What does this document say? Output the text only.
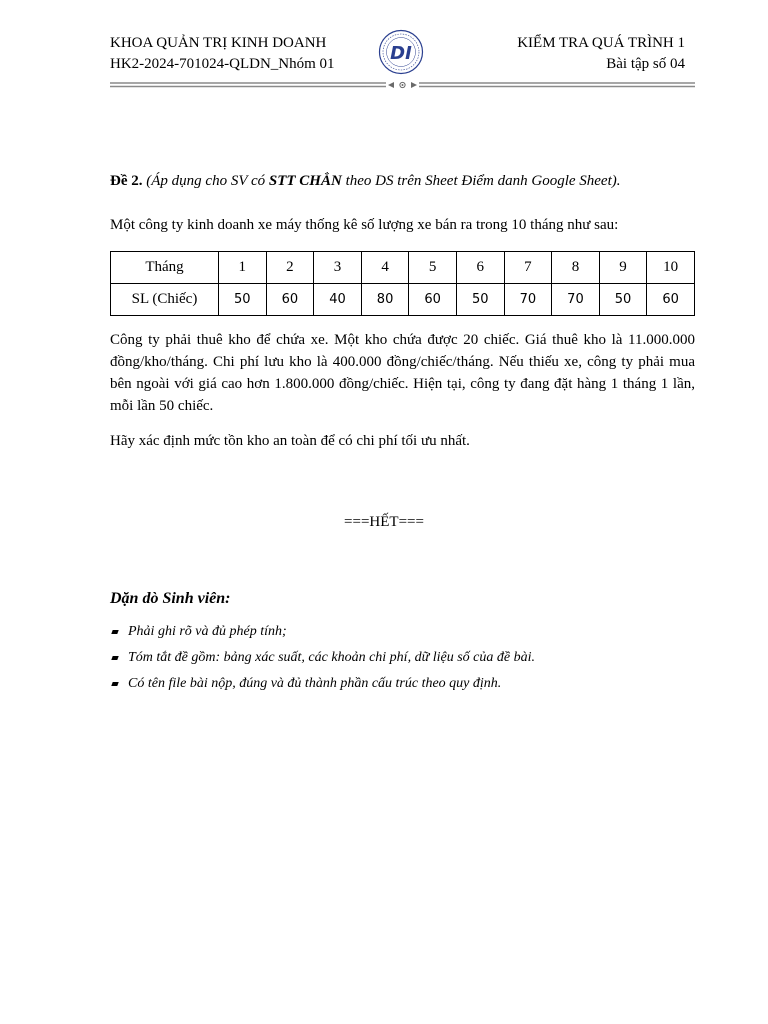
KHOA QUẢN TRỊ KINH DOANH
HK2-2024-701024-QLDN_Nhóm 01	DI	KIỂM TRA QUÁ TRÌNH 1
Bài tập số 04
Đề 2. (Áp dụng cho SV có STT CHẲN theo DS trên Sheet Điểm danh Google Sheet).
Một công ty kinh doanh xe máy thống kê số lượng xe bán ra trong 10 tháng như sau:
Tháng	1	2	3	4	5	6	7	8	9	10
SL (Chiếc)	50	60	40	80	60	50	70	70	50	60
Công ty phải thuê kho để chứa xe. Một kho chứa được 20 chiếc. Giá thuê kho là 11.000.000 đồng/kho/tháng. Chi phí lưu kho là 400.000 đồng/chiếc/tháng. Nếu thiếu xe, công ty phải mua bên ngoài với giá cao hơn 1.800.000 đồng/chiếc. Hiện tại, công ty đang đặt hàng 1 tháng 1 lần, mỗi lần 50 chiếc.
Hãy xác định mức tồn kho an toàn để có chi phí tối ưu nhất.
===HẾT===
Dặn dò Sinh viên:
Phải ghi rõ và đủ phép tính;
Tóm tắt đề gồm: bảng xác suất, các khoản chi phí, dữ liệu số của đề bài.
Có tên file bài nộp, đúng và đủ thành phần cấu trúc theo quy định.
